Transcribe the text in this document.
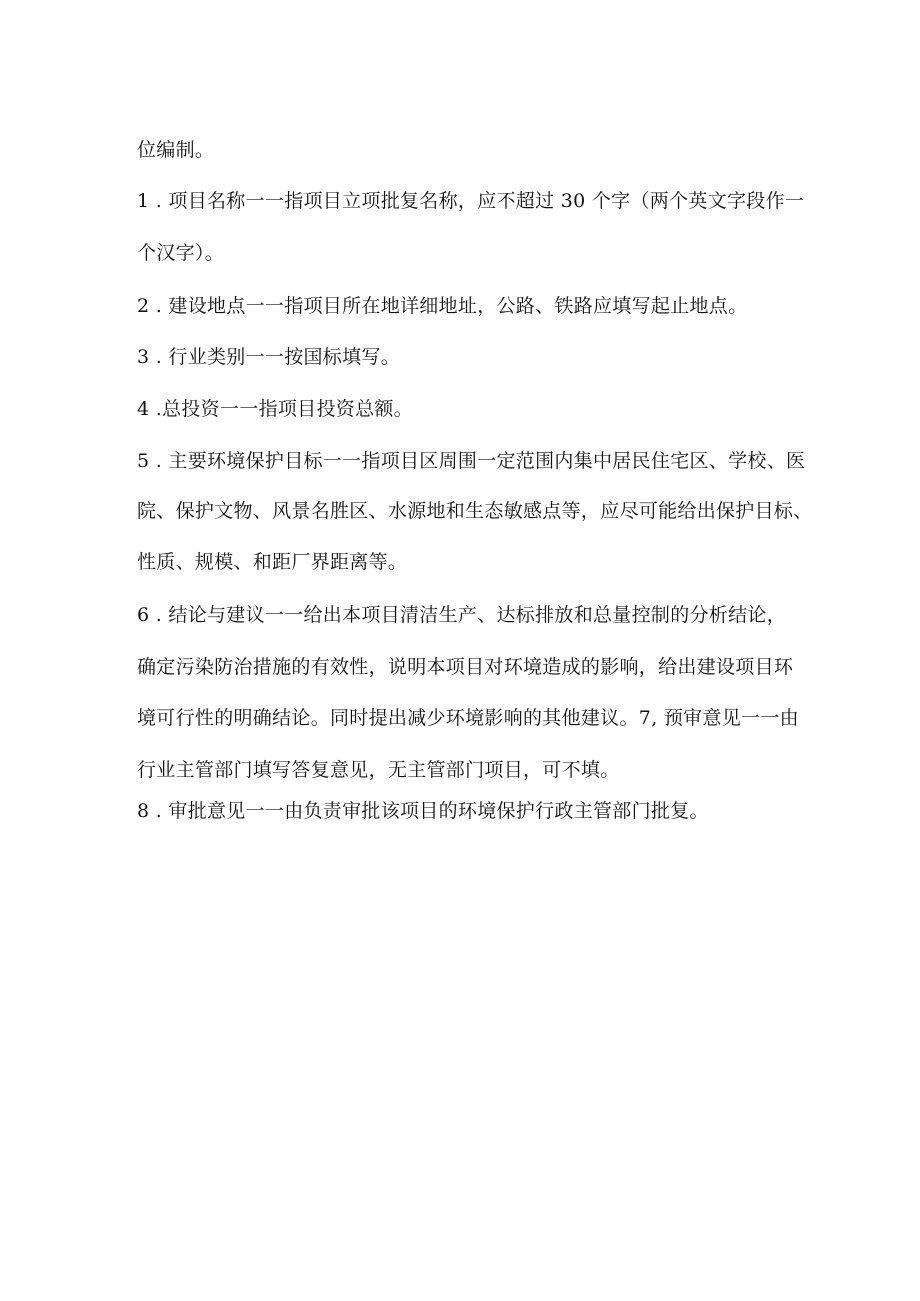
位编制。
1 . 项目名称一一指项目立项批复名称，应不超过 30 个字（两个英文字段作一
个汉字）。
2 . 建设地点一一指项目所在地详细地址，公路、铁路应填写起止地点。
3 . 行业类别一一按国标填写。
4 .总投资一一指项目投资总额。
5 . 主要环境保护目标一一指项目区周围一定范围内集中居民住宅区、学校、医
院、保护文物、风景名胜区、水源地和生态敏感点等，应尽可能给出保护目标、
性质、规模、和距厂界距离等。
6 . 结论与建议一一给出本项目清洁生产、达标排放和总量控制的分析结论，
确定污染防治措施的有效性，说明本项目对环境造成的影响，给出建设项目环
境可行性的明确结论。同时提出减少环境影响的其他建议。7, 预审意见一一由
行业主管部门填写答复意见，无主管部门项目，可不填。
8 . 审批意见一一由负责审批该项目的环境保护行政主管部门批复。
